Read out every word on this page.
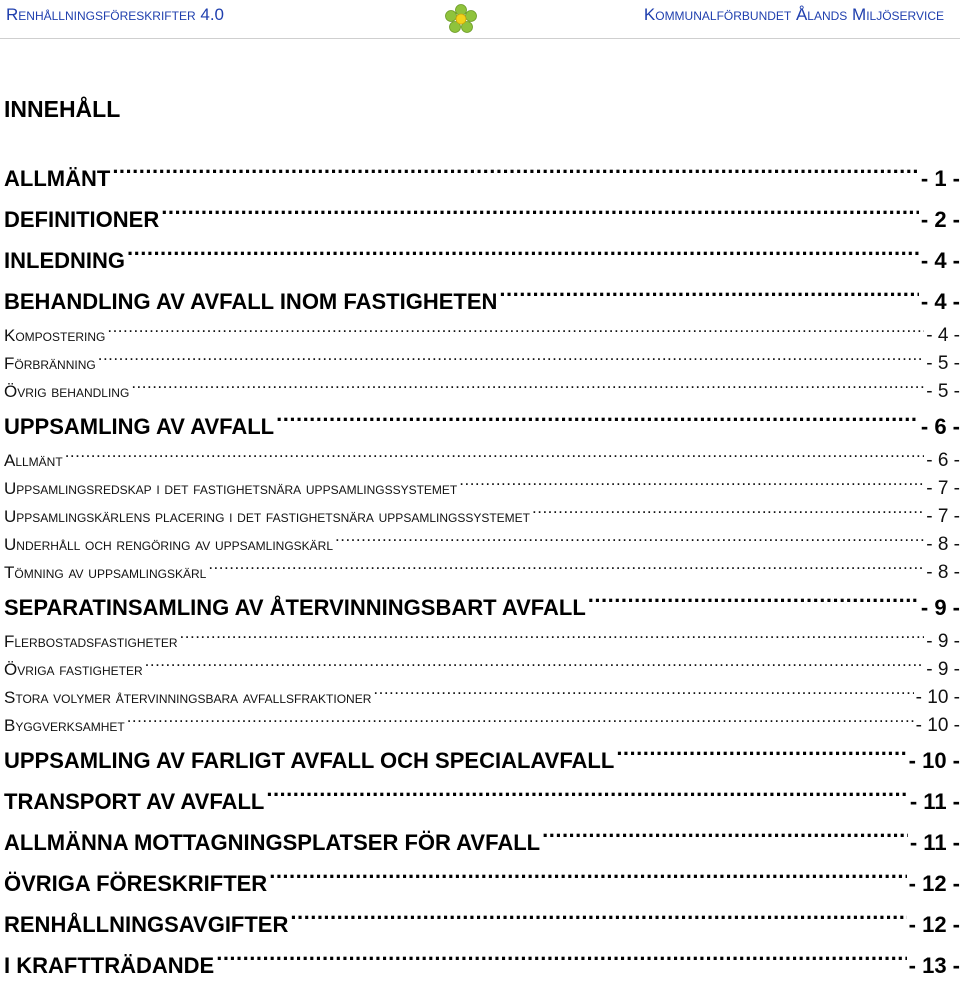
Renhållningsföreskrifter 4.0	Kommunalförbundet Ålands Miljöservice
INNEHÅLL
ALLMÄNT .....	- 1 -
DEFINITIONER .....	- 2 -
INLEDNING .....	- 4 -
BEHANDLING AV AVFALL INOM FASTIGHETEN .....	- 4 -
Kompostering .....	- 4 -
Förbränning .....	- 5 -
Övrig behandling .....	- 5 -
UPPSAMLING AV AVFALL .....	- 6 -
Allmänt .....	- 6 -
Uppsamlingsredskap i det fastighetsnära uppsamlingssystemet .....	- 7 -
Uppsamlingskärlens placering i det fastighetsnära uppsamlingssystemet .....	- 7 -
Underhåll och rengöring av uppsamlingskärl .....	- 8 -
Tömning av uppsamlingskärl .....	- 8 -
SEPARATINSAMLING AV ÅTERVINNINGSBART AVFALL .....	- 9 -
Flerbostadsfastigheter .....	- 9 -
Övriga fastigheter .....	- 9 -
Stora volymer återvinningsbara avfallsfraktioner .....	- 10 -
Byggverksamhet .....	- 10 -
UPPSAMLING AV FARLIGT AVFALL OCH SPECIALAVFALL .....	- 10 -
TRANSPORT AV AVFALL .....	- 11 -
ALLMÄNNA MOTTAGNINGSPLATSER FÖR AVFALL .....	- 11 -
ÖVRIGA FÖRESKRIFTER .....	- 12 -
RENHÅLLNINGSAVGIFTER .....	- 12 -
I KRAFTTRÄDANDE .....	- 13 -
